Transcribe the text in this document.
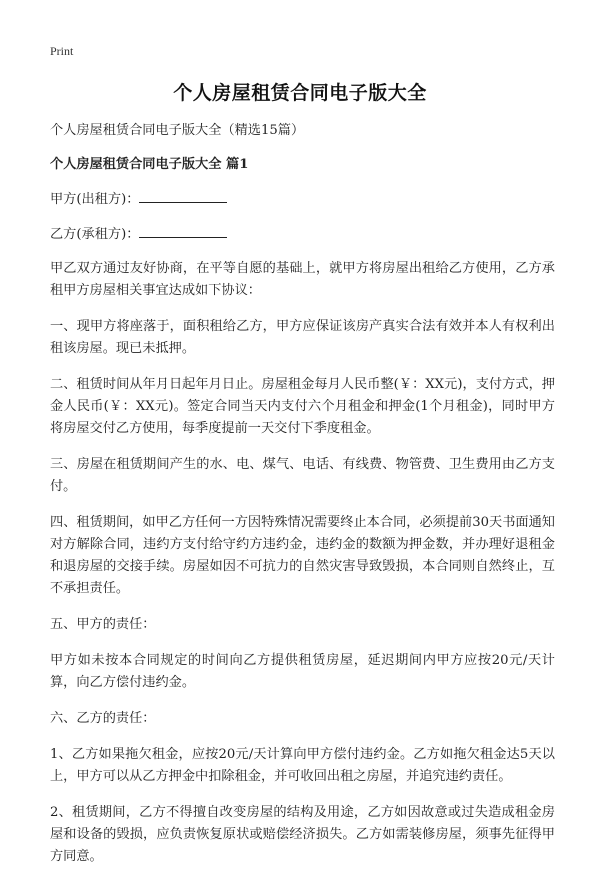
Print
个人房屋租赁合同电子版大全

个人房屋租赁合同电子版大全（精选15篇）

个人房屋租赁合同电子版大全 篇1

甲方(出租方)：

乙方(承租方)：

甲乙双方通过友好协商，在平等自愿的基础上，就甲方将房屋出租给乙方使用，乙方承租甲方房屋相关事宜达成如下协议：

一、现甲方将座落于，面积租给乙方，甲方应保证该房产真实合法有效并本人有权利出租该房屋。现已未抵押。

二、租赁时间从年月日起年月日止。房屋租金每月人民币整(￥：XX元)，支付方式，押金人民币(￥：XX元)。签定合同当天内支付六个月租金和押金(1个月租金)，同时甲方将房屋交付乙方使用，每季度提前一天交付下季度租金。

三、房屋在租赁期间产生的水、电、煤气、电话、有线费、物管费、卫生费用由乙方支付。

四、租赁期间，如甲乙方任何一方因特殊情况需要终止本合同，必须提前30天书面通知对方解除合同，违约方支付给守约方违约金，违约金的数额为押金数，并办理好退租金和退房屋的交接手续。房屋如因不可抗力的自然灾害导致毁损，本合同则自然终止，互不承担责任。

五、甲方的责任：

甲方如未按本合同规定的时间向乙方提供租赁房屋，延迟期间内甲方应按20元/天计算，向乙方偿付违约金。

六、乙方的责任：

1、乙方如果拖欠租金，应按20元/天计算向甲方偿付违约金。乙方如拖欠租金达5天以上，甲方可以从乙方押金中扣除租金，并可收回出租之房屋，并追究违约责任。

2、租赁期间，乙方不得擅自改变房屋的结构及用途，乙方如因故意或过失造成租金房屋和设备的毁损，应负责恢复原状或赔偿经济损失。乙方如需装修房屋，须事先征得甲方同意。
